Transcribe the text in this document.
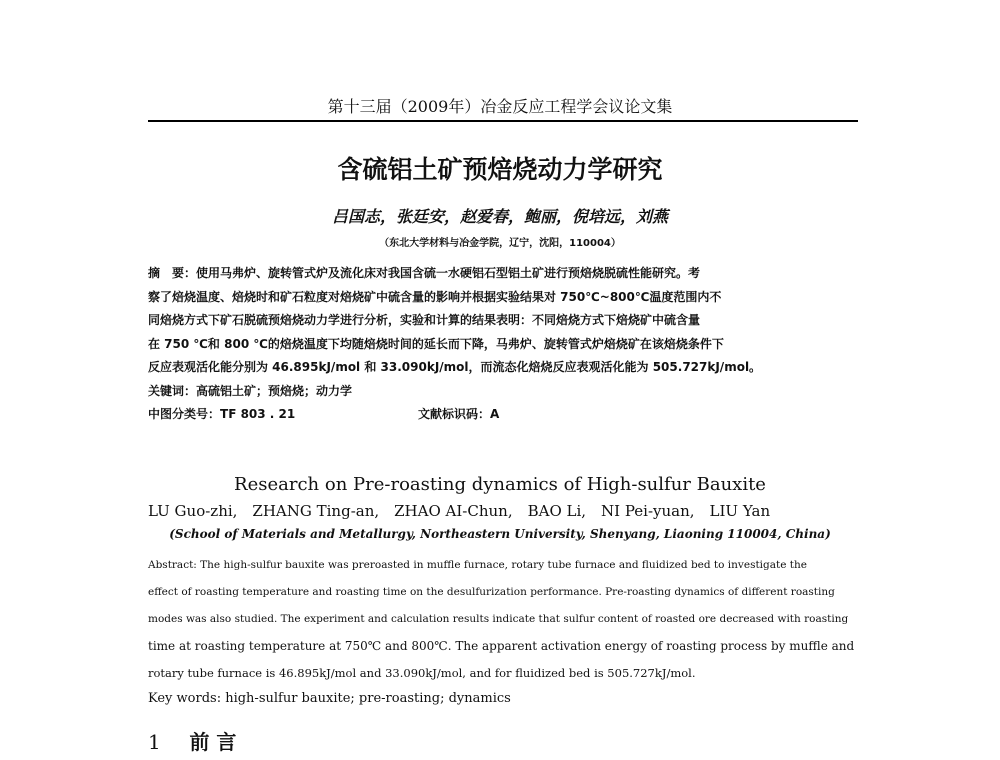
第十三届（2009年）冶金反应工程学会议论文集
含硫铝土矿预焙烧动力学研究
吕国志，张廷安，赵爱春，鲍丽，倪培远，刘燕
（东北大学材料与冶金学院，辽宁，沈阳，110004）
摘　要：使用马弗炉、旋转管式炉及流化床对我国含硫一水硬铝石型铝土矿进行预焙烧脱硫性能研究。考
察了焙烧温度、焙烧时和矿石粒度对焙烧矿中硫含量的影响并根据实验结果对 750℃~800℃温度范围内不
同焙烧方式下矿石脱硫预焙烧动力学进行分析，实验和计算的结果表明：不同焙烧方式下焙烧矿中硫含量
在 750 ℃和 800 ℃的焙烧温度下均随焙烧时间的延长而下降，马弗炉、旋转管式炉焙烧矿在该焙烧条件下
反应表观活化能分别为 46.895kJ/mol 和 33.090kJ/mol，而流态化焙烧反应表观活化能为 505.727kJ/mol。
关键词：高硫铝土矿；预焙烧；动力学
中图分类号：TF 803 . 21	文献标识码：A
Research on Pre-roasting dynamics of High-sulfur Bauxite
LU Guo-zhi,　ZHANG Ting-an,　ZHAO AI-Chun,　BAO Li,　NI Pei-yuan,　LIU Yan
(School of Materials and Metallurgy, Northeastern University, Shenyang, Liaoning 110004, China)
Abstract: The high-sulfur bauxite was preroasted in muffle furnace, rotary tube furnace and fluidized bed to investigate the
effect of roasting temperature and roasting time on the desulfurization performance. Pre-roasting dynamics of different roasting
modes was also studied. The experiment and calculation results indicate that sulfur content of roasted ore decreased with roasting
time at roasting temperature at 750℃ and 800℃. The apparent activation energy of roasting process by muffle and
rotary tube furnace is 46.895kJ/mol and 33.090kJ/mol, and for fluidized bed is 505.727kJ/mol.
Key words: high-sulfur bauxite; pre-roasting; dynamics
1 前 言
